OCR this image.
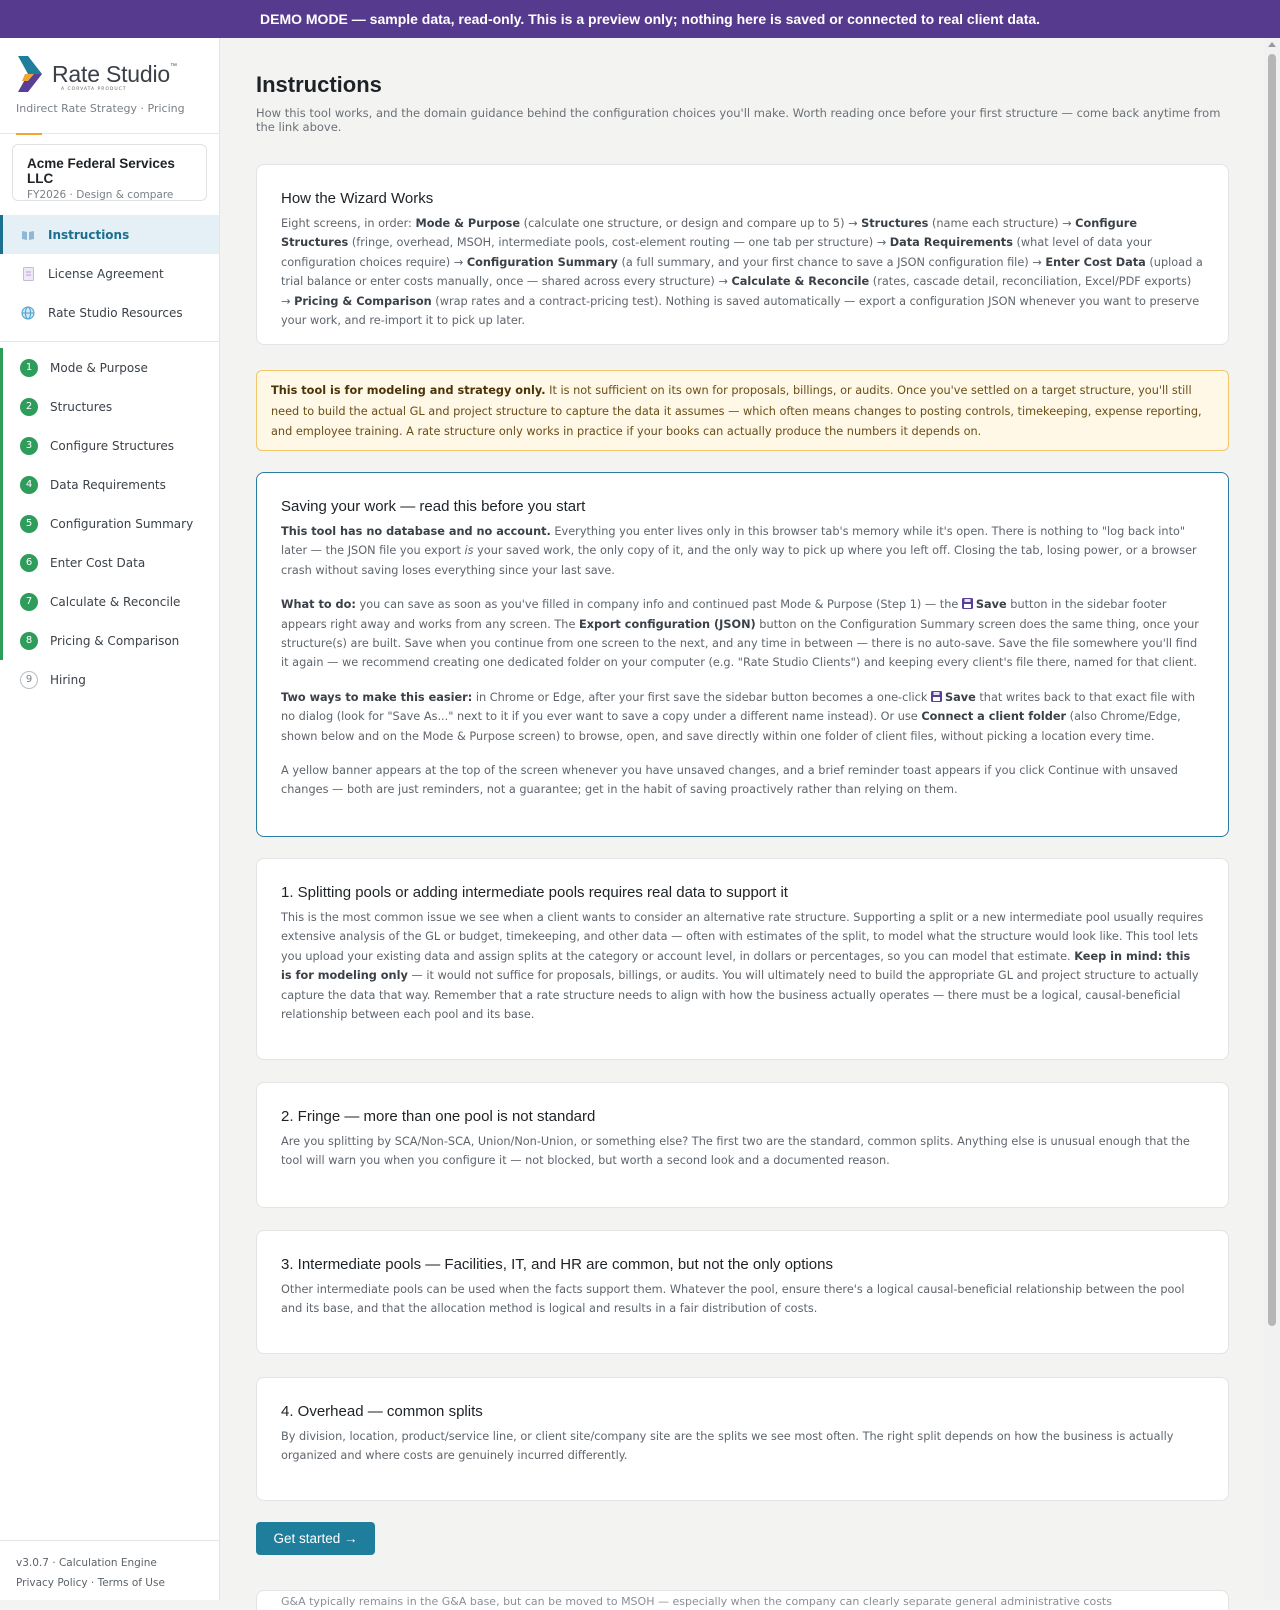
DEMO MODE — sample data, read-only. This is a preview only; nothing here is saved or connected to real client data.
Rate Studio™
A CORVATA PRODUCT
Indirect Rate Strategy · Pricing
Acme Federal Services LLC
FY2026 · Design & compare
Instructions
License Agreement
Rate Studio Resources
1	Mode & Purpose
2	Structures
3	Configure Structures
4	Data Requirements
5	Configuration Summary
6	Enter Cost Data
7	Calculate & Reconcile
8	Pricing & Comparison
9	Hiring
v3.0.7 · Calculation Engine
Privacy Policy · Terms of Use
Instructions
How this tool works, and the domain guidance behind the configuration choices you'll make. Worth reading once before your first structure — come back anytime from the link above.
How the Wizard Works

Eight screens, in order: Mode & Purpose (calculate one structure, or design and compare up to 5) → Structures (name each structure) → Configure Structures (fringe, overhead, MSOH, intermediate pools, cost-element routing — one tab per structure) → Data Requirements (what level of data your configuration choices require) → Configuration Summary (a full summary, and your first chance to save a JSON configuration file) → Enter Cost Data (upload a trial balance or enter costs manually, once — shared across every structure) → Calculate & Reconcile (rates, cascade detail, reconciliation, Excel/PDF exports) → Pricing & Comparison (wrap rates and a contract-pricing test). Nothing is saved automatically — export a configuration JSON whenever you want to preserve your work, and re-import it to pick up later.

This tool is for modeling and strategy only. It is not sufficient on its own for proposals, billings, or audits. Once you've settled on a target structure, you'll still need to build the actual GL and project structure to capture the data it assumes — which often means changes to posting controls, timekeeping, expense reporting, and employee training. A rate structure only works in practice if your books can actually produce the numbers it depends on.
Saving your work — read this before you start

This tool has no database and no account. Everything you enter lives only in this browser tab's memory while it's open. There is nothing to "log back into" later — the JSON file you export is your saved work, the only copy of it, and the only way to pick up where you left off. Closing the tab, losing power, or a browser crash without saving loses everything since your last save.

What to do: you can save as soon as you've filled in company info and continued past Mode & Purpose (Step 1) — the Save button in the sidebar footer appears right away and works from any screen. The Export configuration (JSON) button on the Configuration Summary screen does the same thing, once your structure(s) are built. Save when you continue from one screen to the next, and any time in between — there is no auto-save. Save the file somewhere you'll find it again — we recommend creating one dedicated folder on your computer (e.g. "Rate Studio Clients") and keeping every client's file there, named for that client.

Two ways to make this easier: in Chrome or Edge, after your first save the sidebar button becomes a one-click Save that writes back to that exact file with no dialog (look for "Save As..." next to it if you ever want to save a copy under a different name instead). Or use Connect a client folder (also Chrome/Edge, shown below and on the Mode & Purpose screen) to browse, open, and save directly within one folder of client files, without picking a location every time.

A yellow banner appears at the top of the screen whenever you have unsaved changes, and a brief reminder toast appears if you click Continue with unsaved changes — both are just reminders, not a guarantee; get in the habit of saving proactively rather than relying on them.

1. Splitting pools or adding intermediate pools requires real data to support it

This is the most common issue we see when a client wants to consider an alternative rate structure. Supporting a split or a new intermediate pool usually requires extensive analysis of the GL or budget, timekeeping, and other data — often with estimates of the split, to model what the structure would look like. This tool lets you upload your existing data and assign splits at the category or account level, in dollars or percentages, so you can model that estimate. Keep in mind: this is for modeling only — it would not suffice for proposals, billings, or audits. You will ultimately need to build the appropriate GL and project structure to actually capture the data that way. Remember that a rate structure needs to align with how the business actually operates — there must be a logical, causal-beneficial relationship between each pool and its base.

2. Fringe — more than one pool is not standard

Are you splitting by SCA/Non-SCA, Union/Non-Union, or something else? The first two are the standard, common splits. Anything else is unusual enough that the tool will warn you when you configure it — not blocked, but worth a second look and a documented reason.

3. Intermediate pools — Facilities, IT, and HR are common, but not the only options

Other intermediate pools can be used when the facts support them. Whatever the pool, ensure there's a logical causal-beneficial relationship between the pool and its base, and that the allocation method is logical and results in a fair distribution of costs.

4. Overhead — common splits

By division, location, product/service line, or client site/company site are the splits we see most often. The right split depends on how the business is actually organized and where costs are genuinely incurred differently.

Get started →
G&A typically remains in the G&A base, but can be moved to MSOH — especially when the company can clearly separate general administrative costs
